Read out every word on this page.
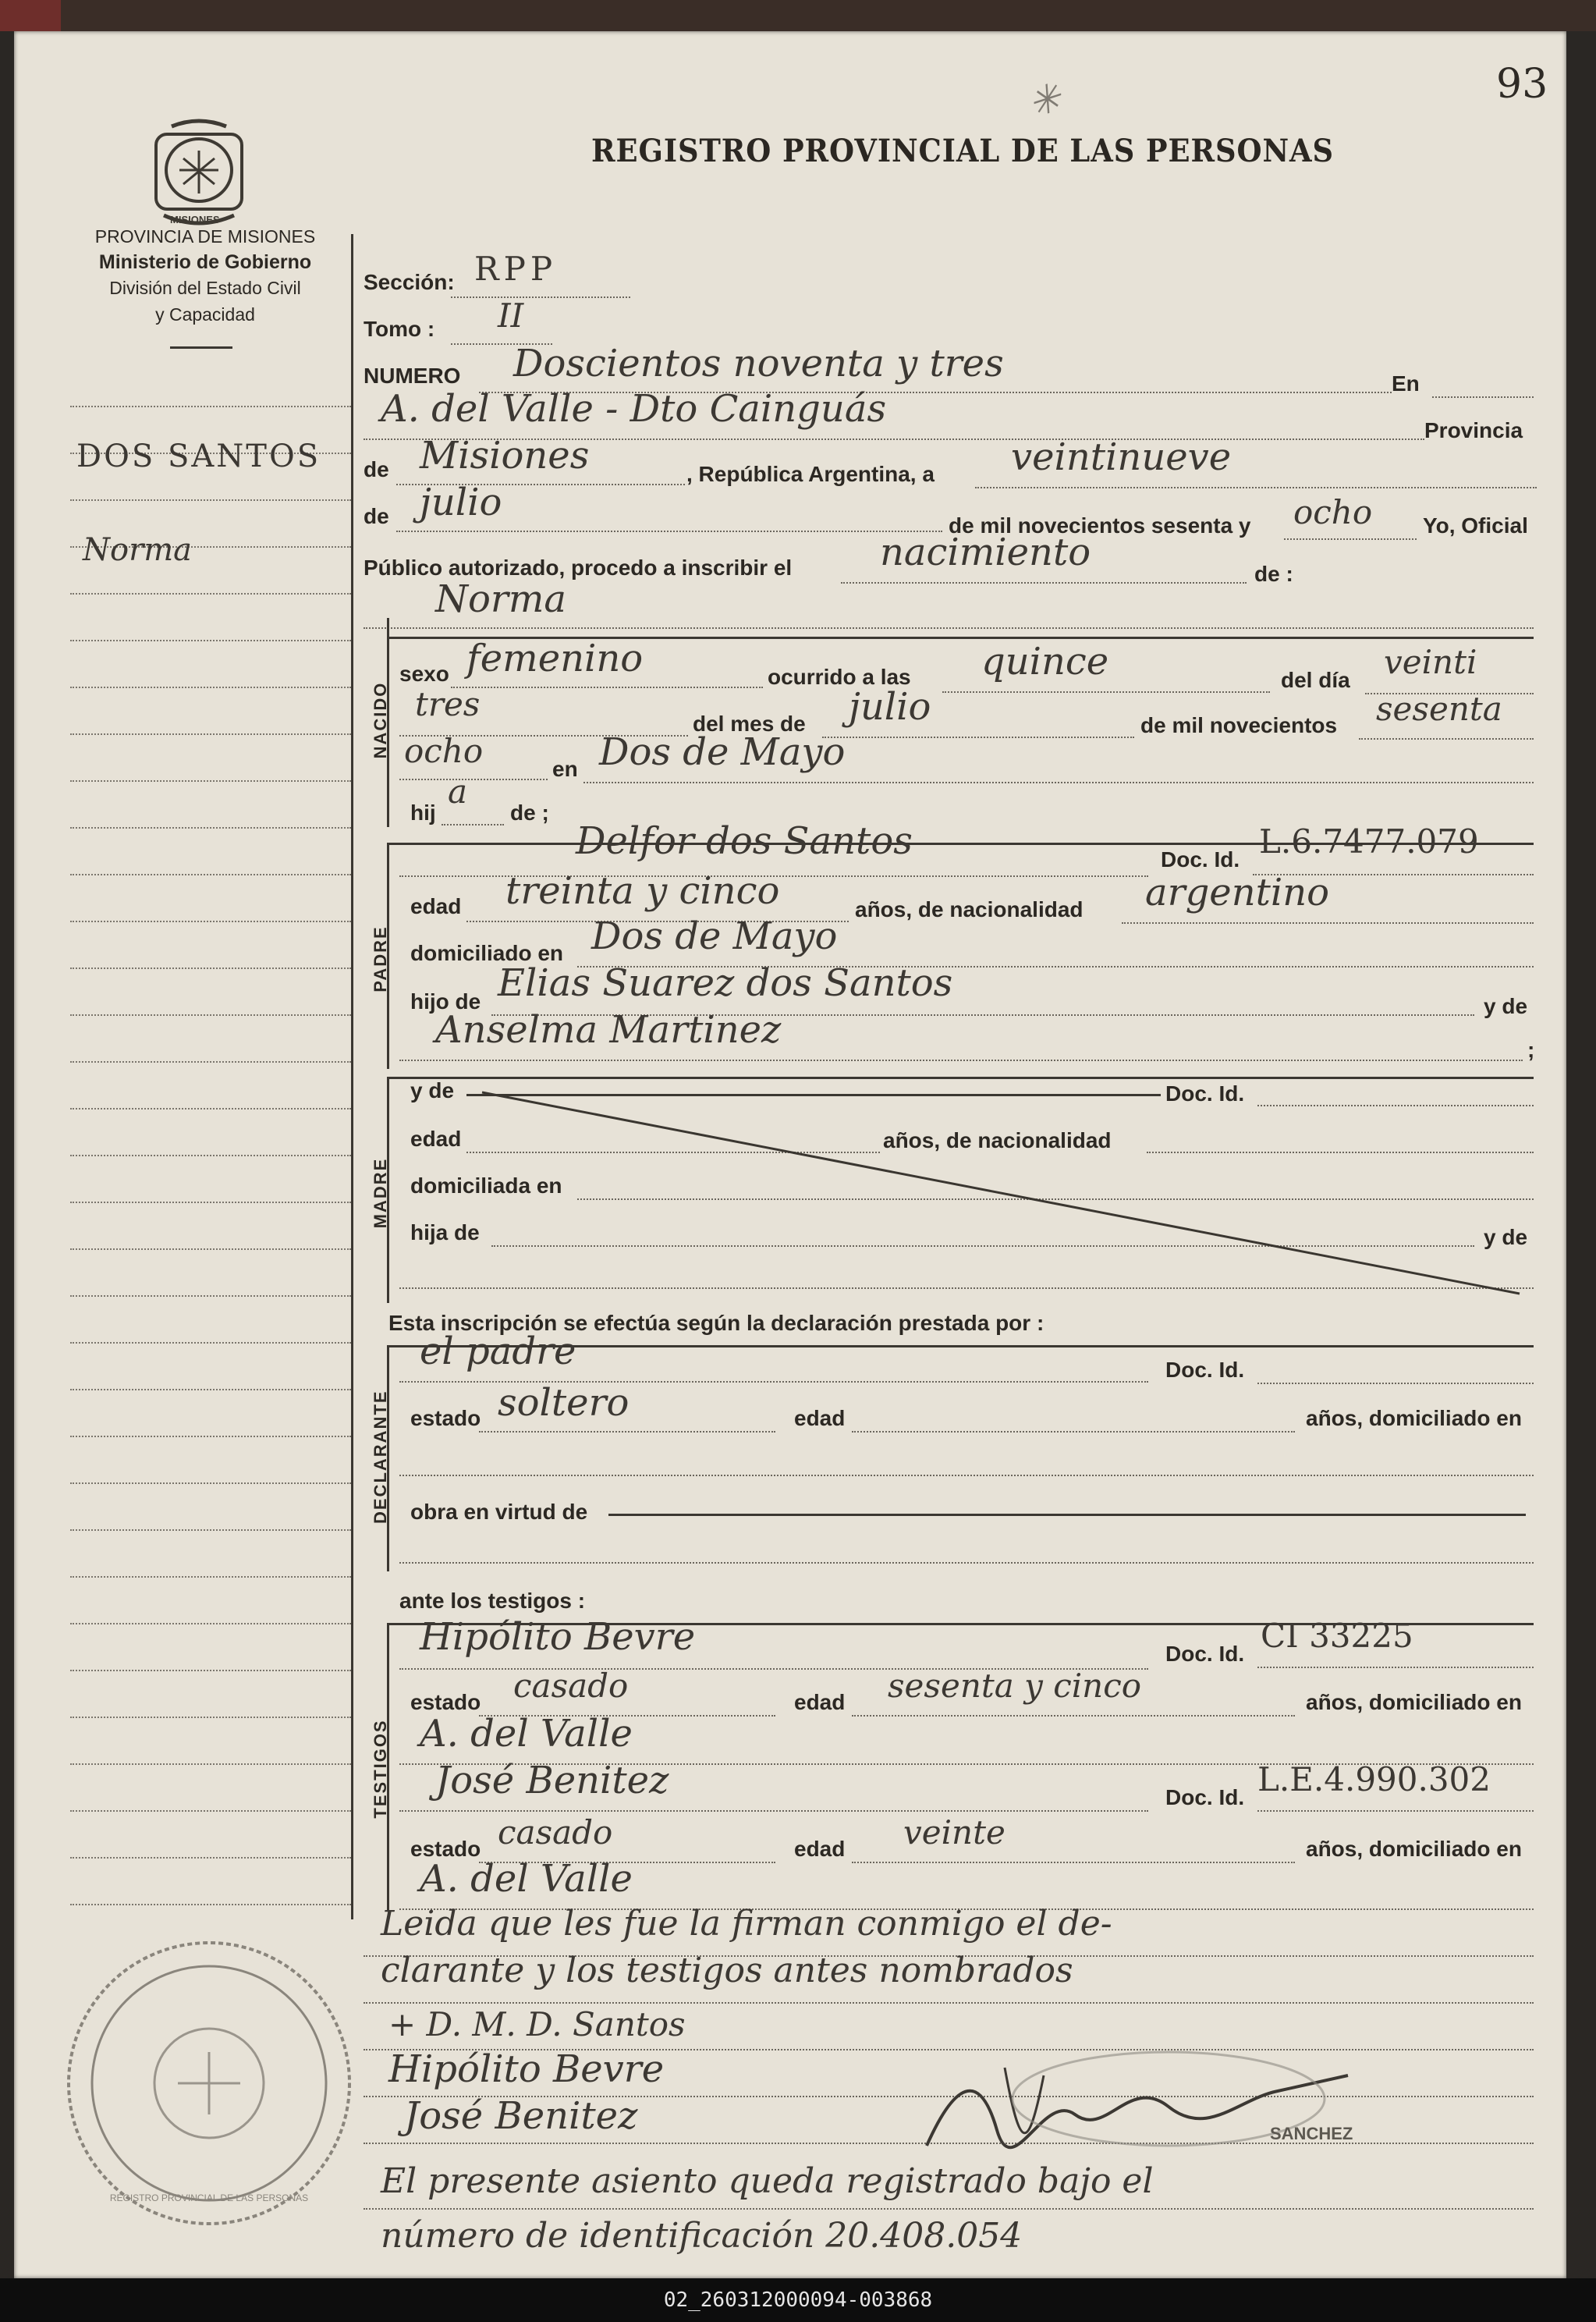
93
✳
MISIONES
PROVINCIA DE MISIONES
Ministerio de Gobierno
División del Estado Civil
y Capacidad
REGISTRO PROVINCIAL DE LAS PERSONAS
DOS SANTOS
Norma
Sección: RPP
Tomo : II
NUMERO Doscientos noventa y tres	En
A. del Valle - Dto Cainguás	Provincia
de Misiones	, República Argentina, a veintinueve
de julio
de mil novecientos sesenta y ocho Yo, Oficial
Público autorizado, procedo a inscribir el nacimiento	de :
Norma
NACIDO
sexo femenino	ocurrido a las quince	del día veinti
tres
del mes de julio	de mil novecientos sesenta
ocho	en Dos de Mayo
hij
a
de ;
PADRE
Delfor dos Santos	Doc. Id. L.6.7477.079
edad treinta y cinco	años, de nacionalidad argentino
domiciliado en Dos de Mayo
hijo de Elias Suarez dos Santos
y de
Anselma Martinez	;
MADRE
y de	Doc. Id.
edad	años, de nacionalidad
domiciliada en
hija de	y de
Esta inscripción se efectúa según la declaración prestada por :
DECLARANTE
el padre	Doc. Id.
estado soltero	edad	años, domiciliado en
obra en virtud de
ante los testigos :
TESTIGOS
Hipólito Bevre	Doc. Id. CI 33225
estado casado	edad sesenta y cinco	años, domiciliado en
A. del Valle
José Benitez	Doc. Id. L.E.4.990.302
estado casado	edad veinte	años, domiciliado en
A. del Valle
Leida que les fue la firman conmigo el de-
clarante y los testigos antes nombrados
+ D. M. D. Santos
Hipólito Bevre
José Benitez
El presente asiento queda registrado bajo el
número de identificación 20.408.054
SANCHEZ
REGISTRO PROVINCIAL DE LAS PERSONAS
02_260312000094-003868
